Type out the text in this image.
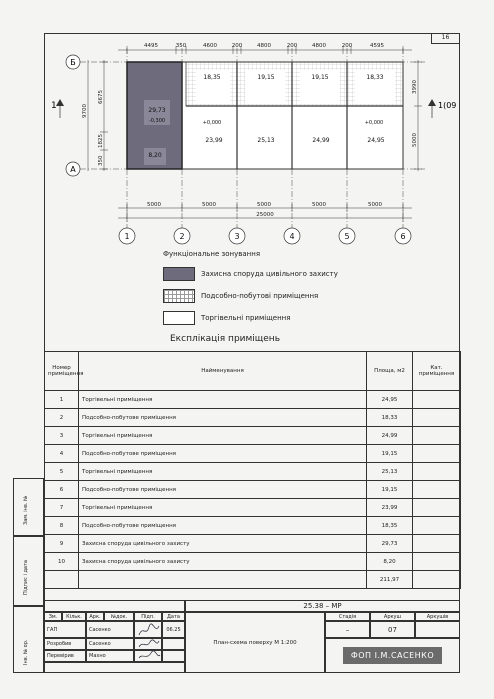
16
4495	350	4600	200	4800	200	4800	200	4595
Б
А
9700
6675
1825
350
3990
5000
1	1(09
29,73
-0,300
8,20
18,35	19,15	19,15	18,33
+0,000
23,99	25,13	24,99
+0,000
24,95
5000	5000	5000	5000	5000
25000
1	2	3	4	5	6
Функціональне зонування
Захисна споруда цивільного захисту
Подсобно-побутові приміщення
Торгівельні приміщення
Експлікація приміщень
Номер приміщення	Найменування	Площа, м2	Кат. приміщення
1	Торгівельні приміщення	24,95	
2	Подсобно-побутове приміщення	18,33	
3	Торгівельні приміщення	24,99	
4	Подсобно-побутове приміщення	19,15	
5	Торгівельні приміщення	25,13	
6	Подсобно-побутове приміщення	19,15	
7	Торгівельні приміщення	23,99	
8	Подсобно-побутове приміщення	18,35	
9	Захисна споруда цивільного захисту	29,73	
10	Захисна споруда цивільного захисту	8,20	
		211,97	
Зам. інв. №
Підпис і дата
Інв. № ор.
25.38 – МР
Зм.	Кільк.	Арк.	№док.	Підп.	Дата
ГАП	Сасенко	06.25
Розробив	Сасенко
Перевірив	Махно
План-схема поверху М 1:200
Стадія	Аркуш	Аркушів
–	07
ФОП І.М.САСЕНКО
